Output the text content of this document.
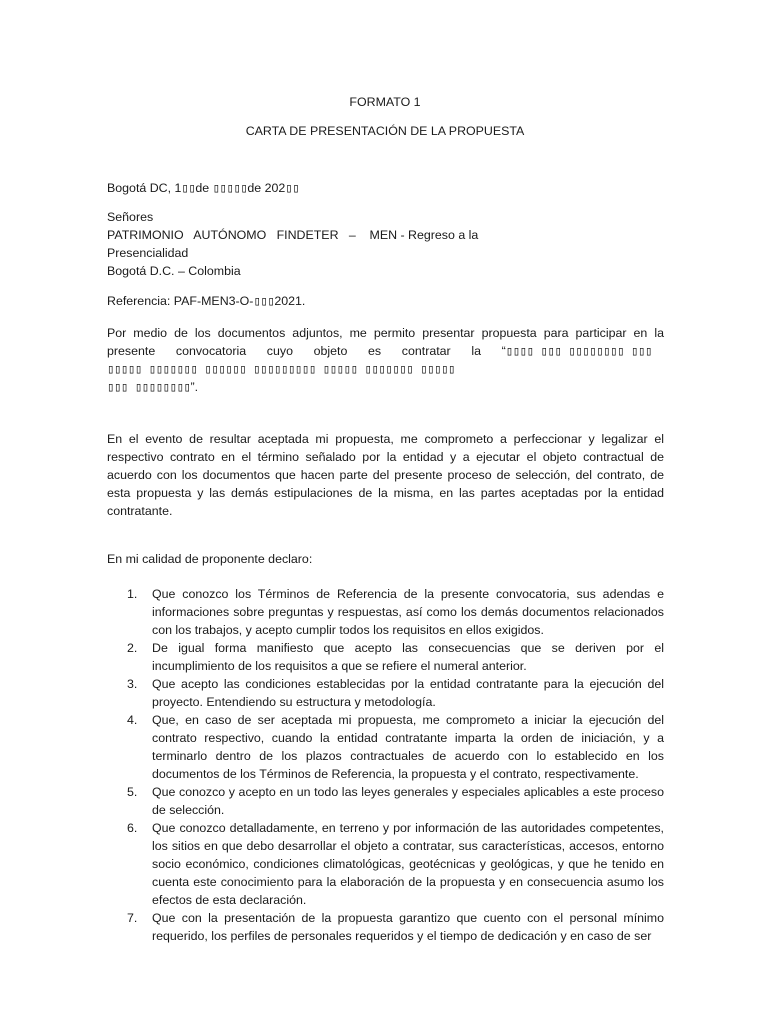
FORMATO 1
CARTA DE PRESENTACIÓN DE LA PROPUESTA
Bogotá DC, 1▯▯de ▯▯▯▯▯de 202▯▯
Señores
PATRIMONIO   AUTÓNOMO   FINDETER   –    MEN - Regreso a la
Presencialidad
Bogotá D.C. – Colombia
Referencia: PAF-MEN3-O-▯▯▯2021.
Por medio de los documentos adjuntos, me permito presentar propuesta para participar en la
presente      convocatoria      cuyo      objeto      es      contratar      la      “▯▯▯▯ ▯▯▯ ▯▯▯▯▯▯▯▯ ▯▯▯
▯▯▯▯▯ ▯▯▯▯▯▯▯ ▯▯▯▯▯▯ ▯▯▯▯▯▯▯▯▯ ▯▯▯▯▯ ▯▯▯▯▯▯▯ ▯▯▯▯▯
▯▯▯ ▯▯▯▯▯▯▯▯”.
En el evento de resultar aceptada mi propuesta, me comprometo a perfeccionar y legalizar el respectivo contrato en el término señalado por la entidad y a ejecutar el objeto contractual de acuerdo con los documentos que hacen parte del presente proceso de selección, del contrato, de esta propuesta y las demás estipulaciones de la misma, en las partes aceptadas por la entidad contratante.
En mi calidad de proponente declaro:
1. Que conozco los Términos de Referencia de la presente convocatoria, sus adendas e informaciones sobre preguntas y respuestas, así como los demás documentos relacionados con los trabajos, y acepto cumplir todos los requisitos en ellos exigidos.
2. De igual forma manifiesto que acepto las consecuencias que se deriven por el incumplimiento de los requisitos a que se refiere el numeral anterior.
3. Que acepto las condiciones establecidas por la entidad contratante para la ejecución del proyecto. Entendiendo su estructura y metodología.
4. Que, en caso de ser aceptada mi propuesta, me comprometo a iniciar la ejecución del contrato respectivo, cuando la entidad contratante imparta la orden de iniciación, y a terminarlo dentro de los plazos contractuales de acuerdo con lo establecido en los documentos de los Términos de Referencia, la propuesta y el contrato, respectivamente.
5. Que conozco y acepto en un todo las leyes generales y especiales aplicables a este proceso de selección.
6. Que conozco detalladamente, en terreno y por información de las autoridades competentes, los sitios en que debo desarrollar el objeto a contratar, sus características, accesos, entorno socio económico, condiciones climatológicas, geotécnicas y geológicas, y que he tenido en cuenta este conocimiento para la elaboración de la propuesta y en consecuencia asumo los efectos de esta declaración.
7. Que con la presentación de la propuesta garantizo que cuento con el personal mínimo requerido, los perfiles de personales requeridos y el tiempo de dedicación y en caso de ser
